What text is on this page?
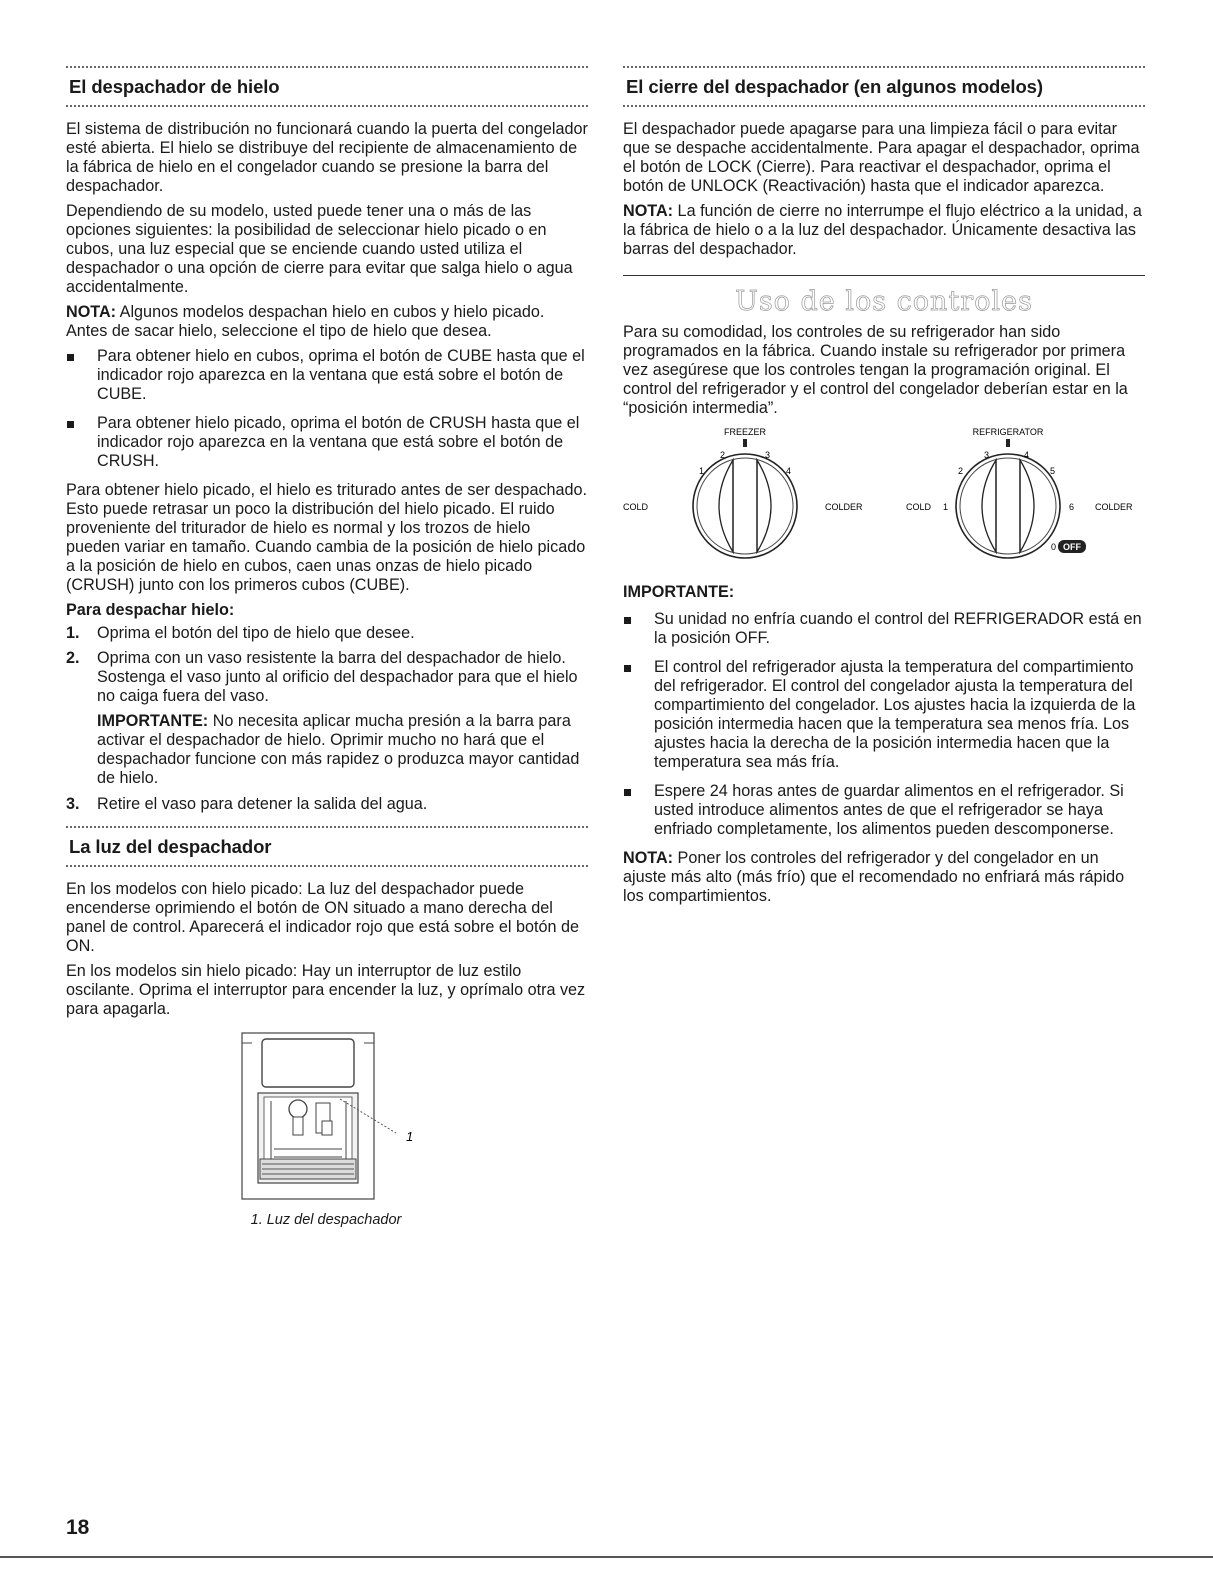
El despachador de hielo

El sistema de distribución no funcionará cuando la puerta del congelador esté abierta. El hielo se distribuye del recipiente de almacenamiento de la fábrica de hielo en el congelador cuando se presione la barra del despachador.

Dependiendo de su modelo, usted puede tener una o más de las opciones siguientes: la posibilidad de seleccionar hielo picado o en cubos, una luz especial que se enciende cuando usted utiliza el despachador o una opción de cierre para evitar que salga hielo o agua accidentalmente.

NOTA: Algunos modelos despachan hielo en cubos y hielo picado. Antes de sacar hielo, seleccione el tipo de hielo que desea.

Para obtener hielo en cubos, oprima el botón de CUBE hasta que el indicador rojo aparezca en la ventana que está sobre el botón de CUBE.
Para obtener hielo picado, oprima el botón de CRUSH hasta que el indicador rojo aparezca en la ventana que está sobre el botón de CRUSH.

Para obtener hielo picado, el hielo es triturado antes de ser despachado. Esto puede retrasar un poco la distribución del hielo picado. El ruido proveniente del triturador de hielo es normal y los trozos de hielo pueden variar en tamaño. Cuando cambia de la posición de hielo picado a la posición de hielo en cubos, caen unas onzas de hielo picado (CRUSH) junto con los primeros cubos (CUBE).

Para despachar hielo:
1. Oprima el botón del tipo de hielo que desee.
2. Oprima con un vaso resistente la barra del despachador de hielo. Sostenga el vaso junto al orificio del despachador para que el hielo no caiga fuera del vaso.

IMPORTANTE: No necesita aplicar mucha presión a la barra para activar el despachador de hielo. Oprimir mucho no hará que el despachador funcione con más rapidez o produzca mayor cantidad de hielo.

3. Retire el vaso para detener la salida del agua.
La luz del despachador

En los modelos con hielo picado: La luz del despachador puede encenderse oprimiendo el botón de ON situado a mano derecha del panel de control. Aparecerá el indicador rojo que está sobre el botón de ON.

En los modelos sin hielo picado: Hay un interruptor de luz estilo oscilante. Oprima el interruptor para encender la luz, y oprímalo otra vez para apagarla.

1
1. Luz del despachador
El cierre del despachador (en algunos modelos)

El despachador puede apagarse para una limpieza fácil o para evitar que se despache accidentalmente. Para apagar el despachador, oprima el botón de LOCK (Cierre). Para reactivar el despachador, oprima el botón de UNLOCK (Reactivación) hasta que el indicador aparezca.

NOTA: La función de cierre no interrumpe el flujo eléctrico a la unidad, a la fábrica de hielo o a la luz del despachador. Únicamente desactiva las barras del despachador.

Uso de los controles

Para su comodidad, los controles de su refrigerador han sido programados en la fábrica. Cuando instale su refrigerador por primera vez asegúrese que los controles tengan la programación original. El control del refrigerador y el control del congelador deberían estar en la “posición intermedia”.

FREEZER
1
2	3
4
COLD	COLDER
REFRIGERATOR
1
2
3	4
5
6
0 OFF
COLD	COLDER
IMPORTANTE:
Su unidad no enfría cuando el control del REFRIGERADOR está en la posición OFF.
El control del refrigerador ajusta la temperatura del compartimiento del refrigerador. El control del congelador ajusta la temperatura del compartimiento del congelador. Los ajustes hacia la izquierda de la posición intermedia hacen que la temperatura sea menos fría. Los ajustes hacia la derecha de la posición intermedia hacen que la temperatura sea más fría.
Espere 24 horas antes de guardar alimentos en el refrigerador. Si usted introduce alimentos antes de que el refrigerador se haya enfriado completamente, los alimentos pueden descomponerse.

NOTA: Poner los controles del refrigerador y del congelador en un ajuste más alto (más frío) que el recomendado no enfriará más rápido los compartimientos.

18
